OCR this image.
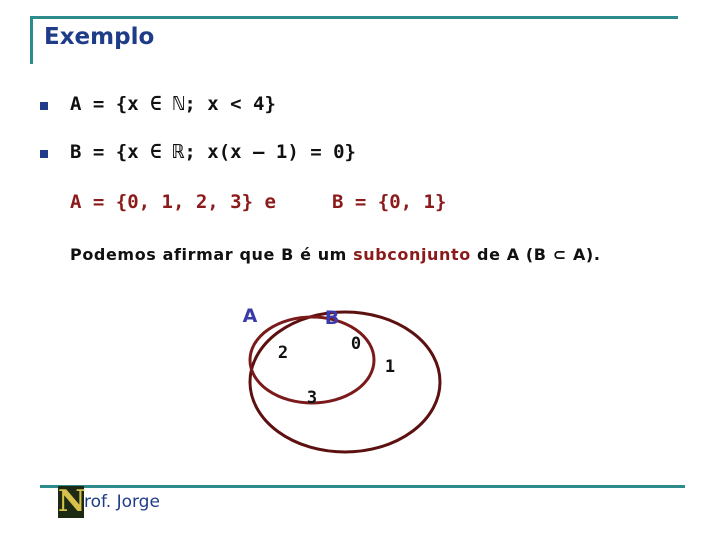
Exemplo
A = {x ∈ ℕ; x < 4}
B = {x ∈ ℝ; x(x – 1) = 0}
A = {0, 1, 2, 3} e	B = {0, 1}
Podemos afirmar que B é um subconjunto de A (B ⊂ A).
A	B
2	0
1
3
N
rof. Jorge
